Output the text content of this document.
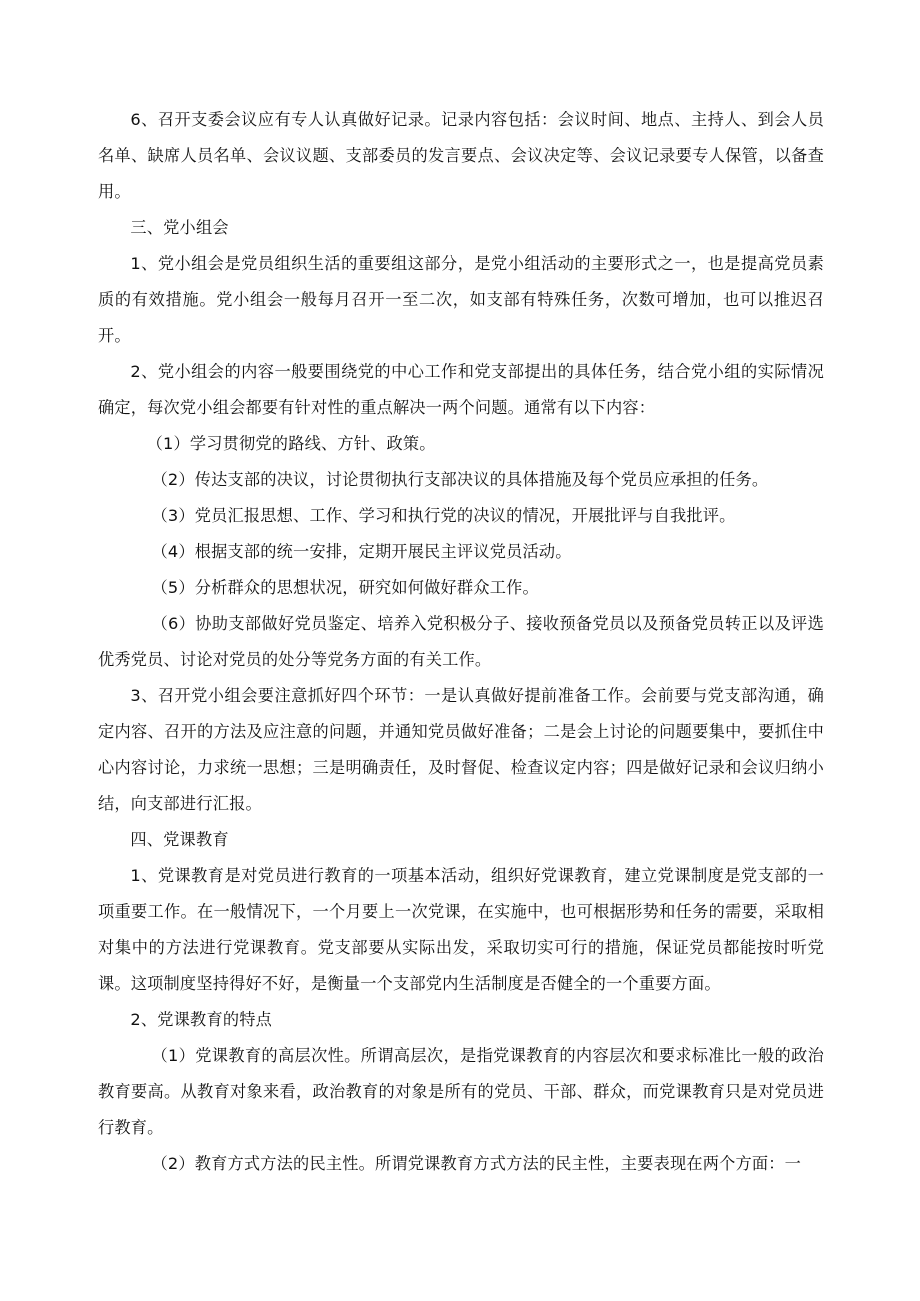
6、召开支委会议应有专人认真做好记录。记录内容包括：会议时间、地点、主持人、到会人员名单、缺席人员名单、会议议题、支部委员的发言要点、会议决定等、会议记录要专人保管，以备查用。
三、党小组会
1、党小组会是党员组织生活的重要组这部分，是党小组活动的主要形式之一，也是提高党员素质的有效措施。党小组会一般每月召开一至二次，如支部有特殊任务，次数可增加，也可以推迟召开。
2、党小组会的内容一般要围绕党的中心工作和党支部提出的具体任务，结合党小组的实际情况确定，每次党小组会都要有针对性的重点解决一两个问题。通常有以下内容：
（1）学习贯彻党的路线、方针、政策。
（2）传达支部的决议，讨论贯彻执行支部决议的具体措施及每个党员应承担的任务。
（3）党员汇报思想、工作、学习和执行党的决议的情况，开展批评与自我批评。
（4）根据支部的统一安排，定期开展民主评议党员活动。
（5）分析群众的思想状况，研究如何做好群众工作。
（6）协助支部做好党员鉴定、培养入党积极分子、接收预备党员以及预备党员转正以及评选优秀党员、讨论对党员的处分等党务方面的有关工作。
3、召开党小组会要注意抓好四个环节：一是认真做好提前准备工作。会前要与党支部沟通，确定内容、召开的方法及应注意的问题，并通知党员做好准备；二是会上讨论的问题要集中，要抓住中心内容讨论，力求统一思想；三是明确责任，及时督促、检查议定内容；四是做好记录和会议归纳小结，向支部进行汇报。
四、党课教育
1、党课教育是对党员进行教育的一项基本活动，组织好党课教育，建立党课制度是党支部的一项重要工作。在一般情况下，一个月要上一次党课，在实施中，也可根据形势和任务的需要，采取相对集中的方法进行党课教育。党支部要从实际出发，采取切实可行的措施，保证党员都能按时听党课。这项制度坚持得好不好，是衡量一个支部党内生活制度是否健全的一个重要方面。
2、党课教育的特点
（1）党课教育的高层次性。所谓高层次，是指党课教育的内容层次和要求标准比一般的政治教育要高。从教育对象来看，政治教育的对象是所有的党员、干部、群众，而党课教育只是对党员进行教育。
（2）教育方式方法的民主性。所谓党课教育方式方法的民主性，主要表现在两个方面：一
